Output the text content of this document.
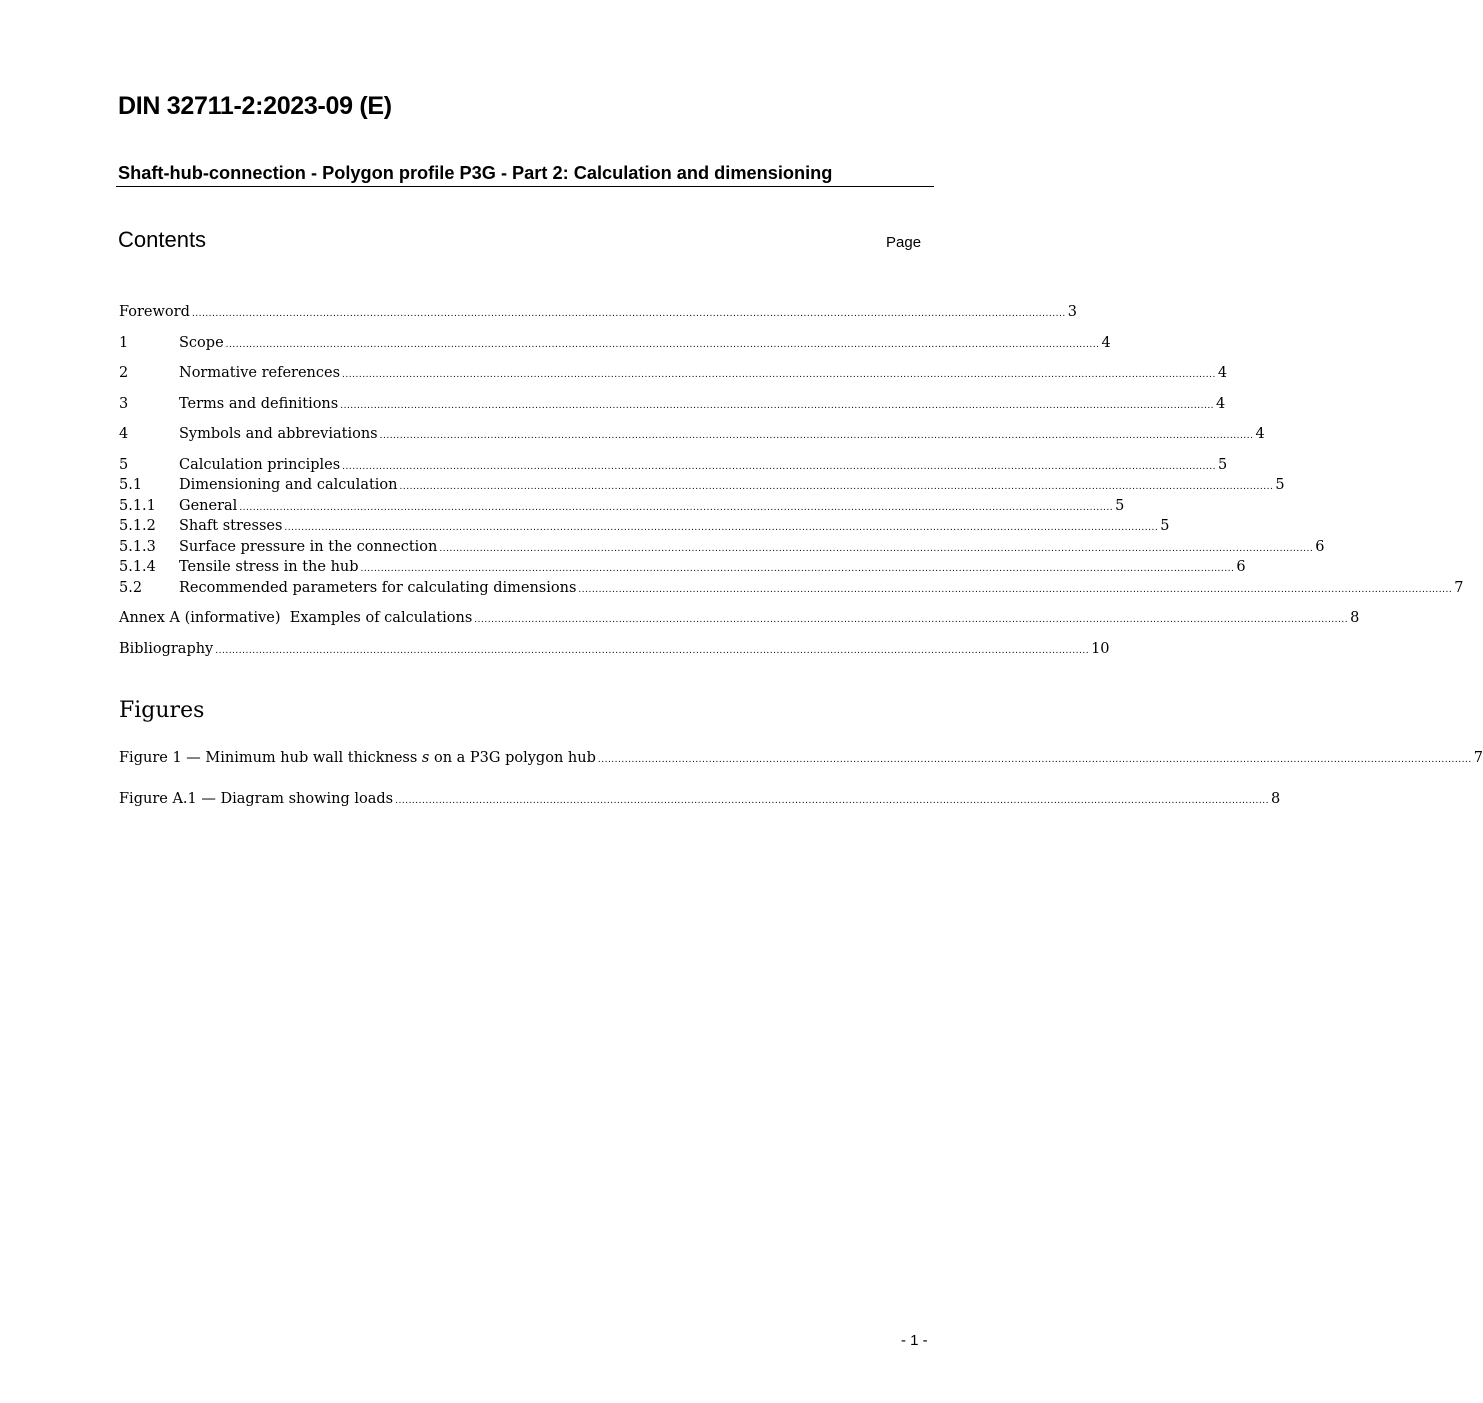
DIN 32711-2:2023-09 (E)
Shaft-hub-connection - Polygon profile P3G - Part 2: Calculation and dimensioning
Contents	Page
Foreword .................................................................................................................................................................................................................................................................... 3
1	Scope .................................................................................................................................................................................................................................................................... 4
2	Normative references .................................................................................................................................................................................................................................................................... 4
3	Terms and definitions .................................................................................................................................................................................................................................................................... 4
4	Symbols and abbreviations .................................................................................................................................................................................................................................................................... 4
5	Calculation principles .................................................................................................................................................................................................................................................................... 5
5.1	Dimensioning and calculation .................................................................................................................................................................................................................................................................... 5
5.1.1	General .................................................................................................................................................................................................................................................................... 5
5.1.2	Shaft stresses .................................................................................................................................................................................................................................................................... 5
5.1.3	Surface pressure in the connection .................................................................................................................................................................................................................................................................... 6
5.1.4	Tensile stress in the hub .................................................................................................................................................................................................................................................................... 6
5.2	Recommended parameters for calculating dimensions .................................................................................................................................................................................................................................................................... 7
Annex A (informative)  Examples of calculations .................................................................................................................................................................................................................................................................... 8
Bibliography .................................................................................................................................................................................................................................................................... 10
Figures
Figure 1 — Minimum hub wall thickness s on a P3G polygon hub .................................................................................................................................................................................................................................................................... 7
Figure A.1 — Diagram showing loads .................................................................................................................................................................................................................................................................... 8
- 1 -
